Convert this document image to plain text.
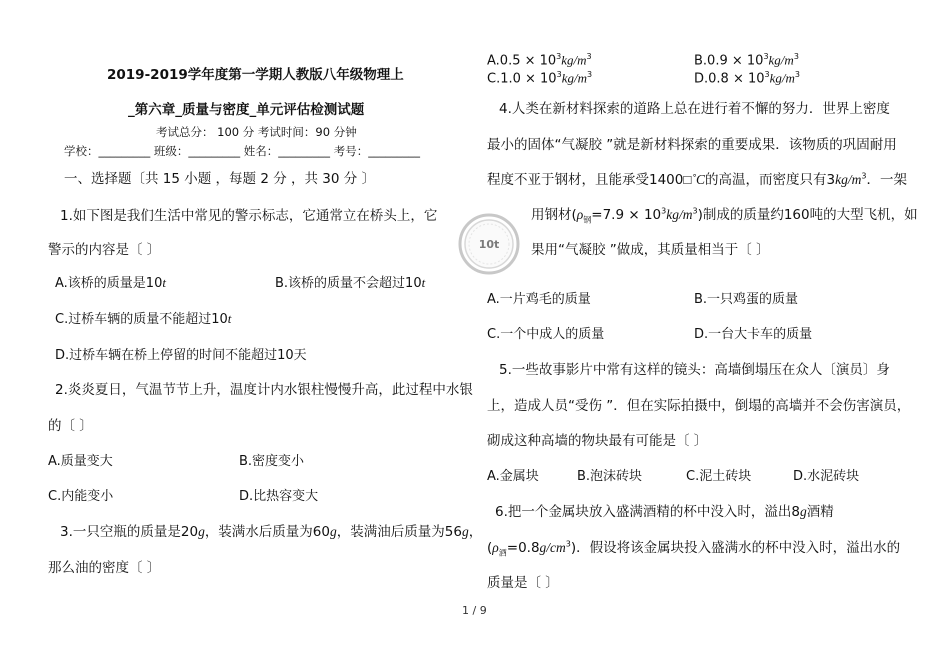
2019-2019学年度第一学期人教版八年级物理上
_第六章_质量与密度_单元评估检测试题
考试总分： 100 分 考试时间：90 分钟
学校：_________ 班级：_________ 姓名：_________ 考号：_________
一、选择题〔共 15 小题 ，每题 2 分 ，共 30 分 〕
1.如下图是我们生活中常见的警示标志，它通常立在桥头上，它
警示的内容是〔 〕
A.该桥的质量是10t	B.该桥的质量不会超过10t
C.过桥车辆的质量不能超过10t
D.过桥车辆在桥上停留的时间不能超过10天
2.炎炎夏日，气温节节上升，温度计内水银柱慢慢升高，此过程中水银
的〔 〕
A.质量变大	B.密度变小
C.内能变小	D.比热容变大
3.一只空瓶的质量是20g，装满水后质量为60g，装满油后质量为56g，
那么油的密度〔 〕
$A.0.5 \times 10^3kg/m^3$	$B.0.9 \times 10^3kg/m^3$
$C.1.0 \times 10^3kg/m^3$	$D.0.8 \times 10^3kg/m^3$
4.人类在新材料探索的道路上总在进行着不懈的努力．世界上密度
最小的固体“气凝胶 ”就是新材料探索的重要成果．该物质的巩固耐用
程度不亚于钢材，且能承受1400□˚C的高温，而密度只有$3kg/m^3$．一架
用钢材$(\rho_钢=7.9 \times 10^3kg/m^3)$制成的质量约160吨的大型飞机，如
果用“气凝胶 ”做成，其质量相当于〔 〕
A.一片鸡毛的质量	B.一只鸡蛋的质量
C.一个中成人的质量	D.一台大卡车的质量
5.一些故事影片中常有这样的镜头：高墙倒塌压在众人〔演员〕身
上，造成人员“受伤 ”．但在实际拍摄中，倒塌的高墙并不会伤害演员，
砌成这种高墙的物块最有可能是〔 〕
A.金属块	B.泡沫砖块	C.泥土砖块	D.水泥砖块
6.把一个金属块放入盛满酒精的杯中没入时，溢出8g酒精
$(\rho_酒=0.8g/cm^3)$．假设将该金属块投入盛满水的杯中没入时，溢出水的
质量是〔 〕
10t
1 / 9
